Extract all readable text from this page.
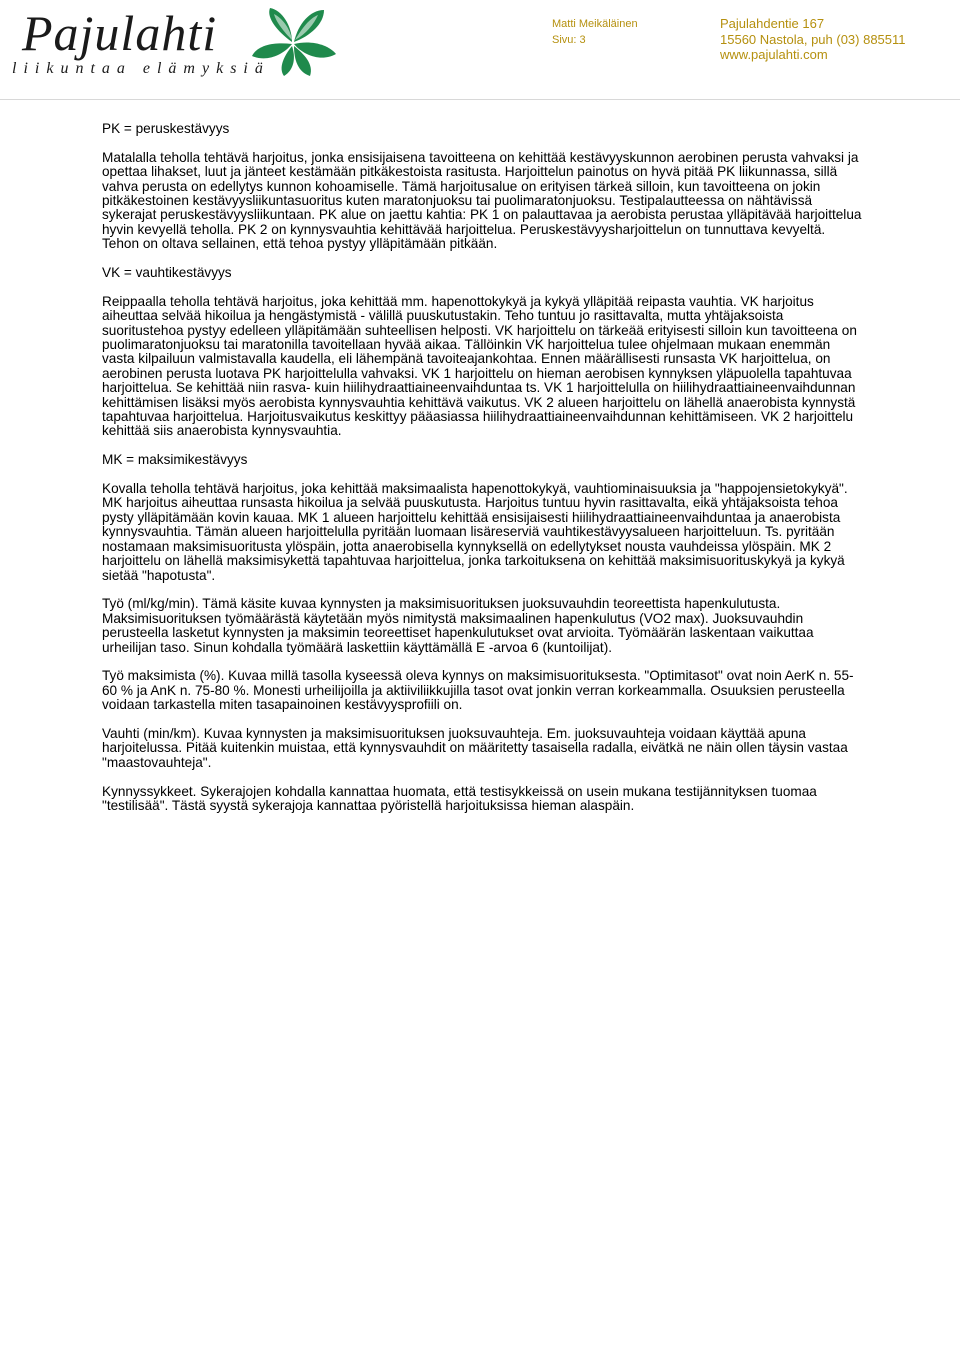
Pajulahti
liikuntaa elämyksiä
Matti Meikäläinen
Sivu: 3
Pajulahdentie 167
15560 Nastola, puh (03) 885511
www.pajulahti.com

PK = peruskestävyys

Matalalla teholla tehtävä harjoitus, jonka ensisijaisena tavoitteena on kehittää kestävyyskunnon aerobinen perusta vahvaksi ja opettaa lihakset, luut ja jänteet kestämään pitkäkestoista rasitusta. Harjoittelun painotus on hyvä pitää PK liikunnassa, sillä vahva perusta on edellytys kunnon kohoamiselle. Tämä harjoitusalue on erityisen tärkeä silloin, kun tavoitteena on jokin pitkäkestoinen kestävyysliikuntasuoritus kuten maratonjuoksu tai puolimaratonjuoksu. Testipalautteessa on nähtävissä sykerajat peruskestävyysliikuntaan. PK alue on jaettu kahtia: PK 1 on palauttavaa ja aerobista perustaa ylläpitävää harjoittelua hyvin kevyellä teholla. PK 2 on kynnysvauhtia kehittävää harjoittelua. Peruskestävyysharjoittelun on tunnuttava kevyeltä. Tehon on oltava sellainen, että tehoa pystyy ylläpitämään pitkään.

VK = vauhtikestävyys

Reippaalla teholla tehtävä harjoitus, joka kehittää mm. hapenottokykyä ja kykyä ylläpitää reipasta vauhtia. VK harjoitus aiheuttaa selvää hikoilua ja hengästymistä - välillä puuskutustakin. Teho tuntuu jo rasittavalta, mutta yhtäjaksoista suoritustehoa pystyy edelleen ylläpitämään suhteellisen helposti. VK harjoittelu on tärkeää erityisesti silloin kun tavoitteena on puolimaratonjuoksu tai maratonilla tavoitellaan hyvää aikaa. Tällöinkin VK harjoittelua tulee ohjelmaan mukaan enemmän vasta kilpailuun valmistavalla kaudella, eli lähempänä tavoiteajankohtaa. Ennen määrällisesti runsasta VK harjoittelua, on aerobinen perusta luotava PK harjoittelulla vahvaksi. VK 1 harjoittelu on hieman aerobisen kynnyksen yläpuolella tapahtuvaa harjoittelua. Se kehittää niin rasva- kuin hiilihydraattiaineenvaihduntaa ts. VK 1 harjoittelulla on hiilihydraattiaineenvaihdunnan kehittämisen lisäksi myös aerobista kynnysvauhtia kehittävä vaikutus. VK 2 alueen harjoittelu on lähellä anaerobista kynnystä tapahtuvaa harjoittelua. Harjoitusvaikutus keskittyy pääasiassa hiilihydraattiaineenvaihdunnan kehittämiseen. VK 2 harjoittelu kehittää siis anaerobista kynnysvauhtia.

MK = maksimikestävyys

Kovalla teholla tehtävä harjoitus, joka kehittää maksimaalista hapenottokykyä, vauhtiominaisuuksia ja "happojensietokykyä". MK harjoitus aiheuttaa runsasta hikoilua ja selvää puuskutusta. Harjoitus tuntuu hyvin rasittavalta, eikä yhtäjaksoista tehoa pysty ylläpitämään kovin kauaa. MK 1 alueen harjoittelu kehittää ensisijaisesti hiilihydraattiaineenvaihduntaa ja anaerobista kynnysvauhtia. Tämän alueen harjoittelulla pyritään luomaan lisäreserviä vauhtikestävyysalueen harjoitteluun. Ts. pyritään nostamaan maksimisuoritusta ylöspäin, jotta anaerobisella kynnyksellä on edellytykset nousta vauhdeissa ylöspäin. MK 2 harjoittelu on lähellä maksimisykettä tapahtuvaa harjoittelua, jonka tarkoituksena on kehittää maksimisuorituskykyä ja kykyä sietää "hapotusta".

Työ (ml/kg/min). Tämä käsite kuvaa kynnysten ja maksimisuorituksen juoksuvauhdin teoreettista hapenkulutusta. Maksimisuorituksen työmäärästä käytetään myös nimitystä maksimaalinen hapenkulutus (VO2 max). Juoksuvauhdin perusteella lasketut kynnysten ja maksimin teoreettiset hapenkulutukset ovat arvioita. Työmäärän laskentaan vaikuttaa urheilijan taso. Sinun kohdalla työmäärä laskettiin käyttämällä E -arvoa 6 (kuntoilijat).

Työ maksimista (%). Kuvaa millä tasolla kyseessä oleva kynnys on maksimisuorituksesta. "Optimitasot" ovat noin AerK n. 55-60 % ja AnK n. 75-80 %. Monesti urheilijoilla ja aktiiviliikkujilla tasot ovat jonkin verran korkeammalla. Osuuksien perusteella voidaan tarkastella miten tasapainoinen kestävyysprofiili on.

Vauhti (min/km). Kuvaa kynnysten ja maksimisuorituksen juoksuvauhteja. Em. juoksuvauhteja voidaan käyttää apuna harjoitelussa. Pitää kuitenkin muistaa, että kynnysvauhdit on määritetty tasaisella radalla, eivätkä ne näin ollen täysin vastaa "maastovauhteja".

Kynnyssykkeet. Sykerajojen kohdalla kannattaa huomata, että testisykkeissä on usein mukana testijännityksen tuomaa "testilisää". Tästä syystä sykerajoja kannattaa pyöristellä harjoituksissa hieman alaspäin.
